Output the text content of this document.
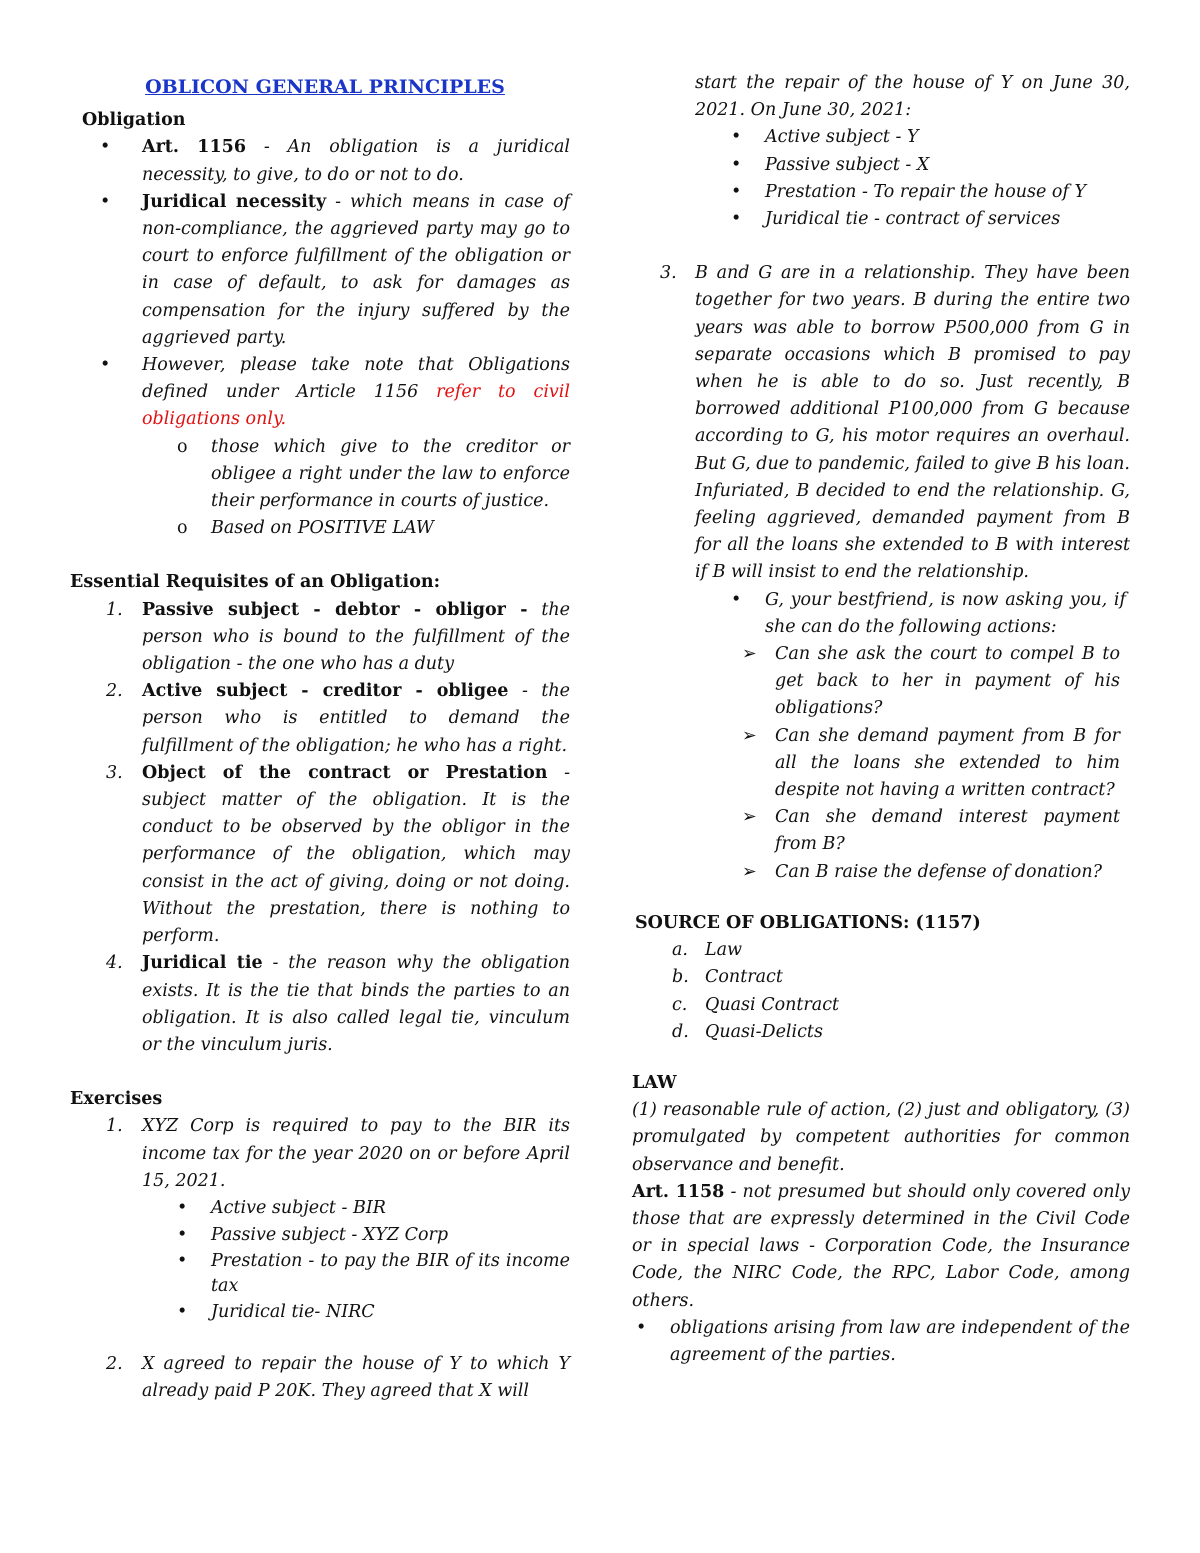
OBLICON GENERAL PRINCIPLES
Obligation
• Art. 1156 - An obligation is a juridical necessity, to give, to do or not to do.
• Juridical necessity - which means in case of non-compliance, the aggrieved party may go to court to enforce fulfillment of the obligation or in case of default, to ask for damages as compensation for the injury suffered by the aggrieved party.
• However, please take note that Obligations defined under Article 1156 refer to civil obligations only.
o those which give to the creditor or obligee a right under the law to enforce their performance in courts of justice.
o Based on POSITIVE LAW
Essential Requisites of an Obligation:
1. Passive subject - debtor - obligor - the person who is bound to the fulfillment of the obligation - the one who has a duty
2. Active subject - creditor - obligee - the person who is entitled to demand the fulfillment of the obligation; he who has a right.
3. Object of the contract or Prestation - subject matter of the obligation. It is the conduct to be observed by the obligor in the performance of the obligation, which may consist in the act of giving, doing or not doing. Without the prestation, there is nothing to perform.
4. Juridical tie - the reason why the obligation exists. It is the tie that binds the parties to an obligation. It is also called legal tie, vinculum or the vinculum juris.
Exercises
1. XYZ Corp is required to pay to the BIR its income tax for the year 2020 on or before April 15, 2021.
• Active subject - BIR
• Passive subject - XYZ Corp
• Prestation - to pay the BIR of its income tax
• Juridical tie- NIRC
2. X agreed to repair the house of Y to which Y already paid P 20K. They agreed that X will
start the repair of the house of Y on June 30, 2021. On June 30, 2021:
• Active subject - Y
• Passive subject - X
• Prestation - To repair the house of Y
• Juridical tie - contract of services
3. B and G are in a relationship. They have been together for two years. B during the entire two years was able to borrow P500,000 from G in separate occasions which B promised to pay when he is able to do so. Just recently, B borrowed additional P100,000 from G because according to G, his motor requires an overhaul. But G, due to pandemic, failed to give B his loan. Infuriated, B decided to end the relationship. G, feeling aggrieved, demanded payment from B for all the loans she extended to B with interest if B will insist to end the relationship.
• G, your bestfriend, is now asking you, if she can do the following actions:
➢ Can she ask the court to compel B to get back to her in payment of his obligations?
➢ Can she demand payment from B for all the loans she extended to him despite not having a written contract?
➢ Can she demand interest payment from B?
➢ Can B raise the defense of donation?
SOURCE OF OBLIGATIONS: (1157)
a. Law
b. Contract
c. Quasi Contract
d. Quasi-Delicts
LAW
(1) reasonable rule of action, (2) just and obligatory, (3) promulgated by competent authorities for common observance and benefit.
Art. 1158 - not presumed but should only covered only those that are expressly determined in the Civil Code or in special laws - Corporation Code, the Insurance Code, the NIRC Code, the RPC, Labor Code, among others.
• obligations arising from law are independent of the agreement of the parties.
